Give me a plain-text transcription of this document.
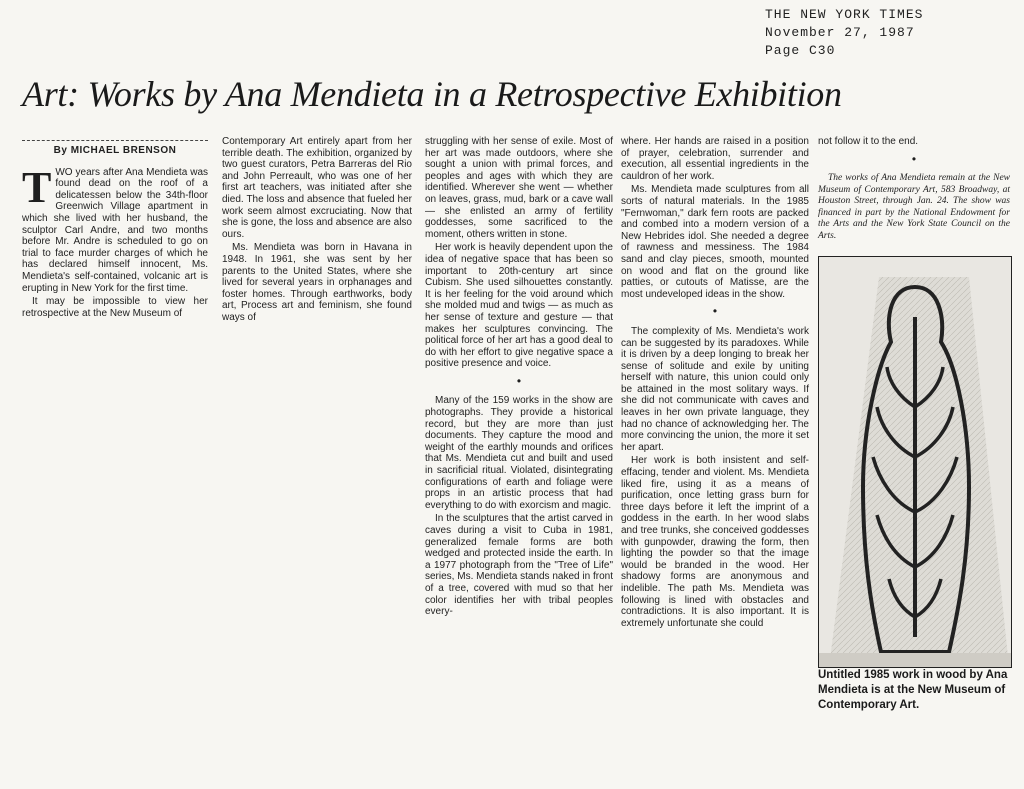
THE NEW YORK TIMES
November 27, 1987
Page C30
Art: Works by Ana Mendieta in a Retrospective Exhibition
By MICHAEL BRENSON

TWO years after Ana Mendieta was found dead on the roof of a delicatessen below the 34th-floor Greenwich Village apartment in which she lived with her husband, the sculptor Carl Andre, and two months before Mr. Andre is scheduled to go on trial to face murder charges of which he has declared himself innocent, Ms. Mendieta's self-contained, volcanic art is erupting in New York for the first time.

It may be impossible to view her retrospective at the New Museum of

Contemporary Art entirely apart from her terrible death. The exhibition, organized by two guest curators, Petra Barreras del Rio and John Perreault, who was one of her first art teachers, was initiated after she died. The loss and absence that fueled her work seem almost excruciating. Now that she is gone, the loss and absence are also ours.

Ms. Mendieta was born in Havana in 1948. In 1961, she was sent by her parents to the United States, where she lived for several years in orphanages and foster homes. Through earthworks, body art, Process art and feminism, she found ways of

struggling with her sense of exile. Most of her art was made outdoors, where she sought a union with primal forces, and peoples and ages with which they are identified. Wherever she went — whether on leaves, grass, mud, bark or a cave wall — she enlisted an army of fertility goddesses, some sacrificed to the moment, others written in stone.

Her work is heavily dependent upon the idea of negative space that has been so important to 20th-century art since Cubism. She used silhouettes constantly. It is her feeling for the void around which she molded mud and twigs — as much as her sense of texture and gesture — that makes her sculptures convincing. The political force of her art has a good deal to do with her effort to give negative space a positive presence and voice.

•

Many of the 159 works in the show are photographs. They provide a historical record, but they are more than just documents. They capture the mood and weight of the earthly mounds and orifices that Ms. Mendieta cut and built and used in sacrificial ritual. Violated, disintegrating configurations of earth and foliage were props in an artistic process that had everything to do with exorcism and magic.

In the sculptures that the artist carved in caves during a visit to Cuba in 1981, generalized female forms are both wedged and protected inside the earth. In a 1977 photograph from the "Tree of Life" series, Ms. Mendieta stands naked in front of a tree, covered with mud so that her color identifies her with tribal peoples every-

where. Her hands are raised in a position of prayer, celebration, surrender and execution, all essential ingredients in the cauldron of her work.

Ms. Mendieta made sculptures from all sorts of natural materials. In the 1985 "Fernwoman," dark fern roots are packed and combed into a modern version of a New Hebrides idol. She needed a degree of rawness and messiness. The 1984 sand and clay pieces, smooth, mounted on wood and flat on the ground like patties, or cutouts of Matisse, are the most undeveloped ideas in the show.

•

The complexity of Ms. Mendieta's work can be suggested by its paradoxes. While it is driven by a deep longing to break her sense of solitude and exile by uniting herself with nature, this union could only be attained in the most solitary ways. If she did not communicate with caves and leaves in her own private language, they had no chance of acknowledging her. The more convincing the union, the more it set her apart.

Her work is both insistent and self-effacing, tender and violent. Ms. Mendieta liked fire, using it as a means of purification, once letting grass burn for three days before it left the imprint of a goddess in the earth. In her wood slabs and tree trunks, she conceived goddesses with gunpowder, drawing the form, then lighting the powder so that the image would be branded in the wood. Her shadowy forms are anonymous and indelible. The path Ms. Mendieta was following is lined with obstacles and contradictions. It is also important. It is extremely unfortunate she could

not follow it to the end.

•

The works of Ana Mendieta remain at the New Museum of Contemporary Art, 583 Broadway, at Houston Street, through Jan. 24. The show was financed in part by the National Endowment for the Arts and the New York State Council on the Arts.

Untitled 1985 work in wood by Ana Mendieta is at the New Museum of Contemporary Art.
